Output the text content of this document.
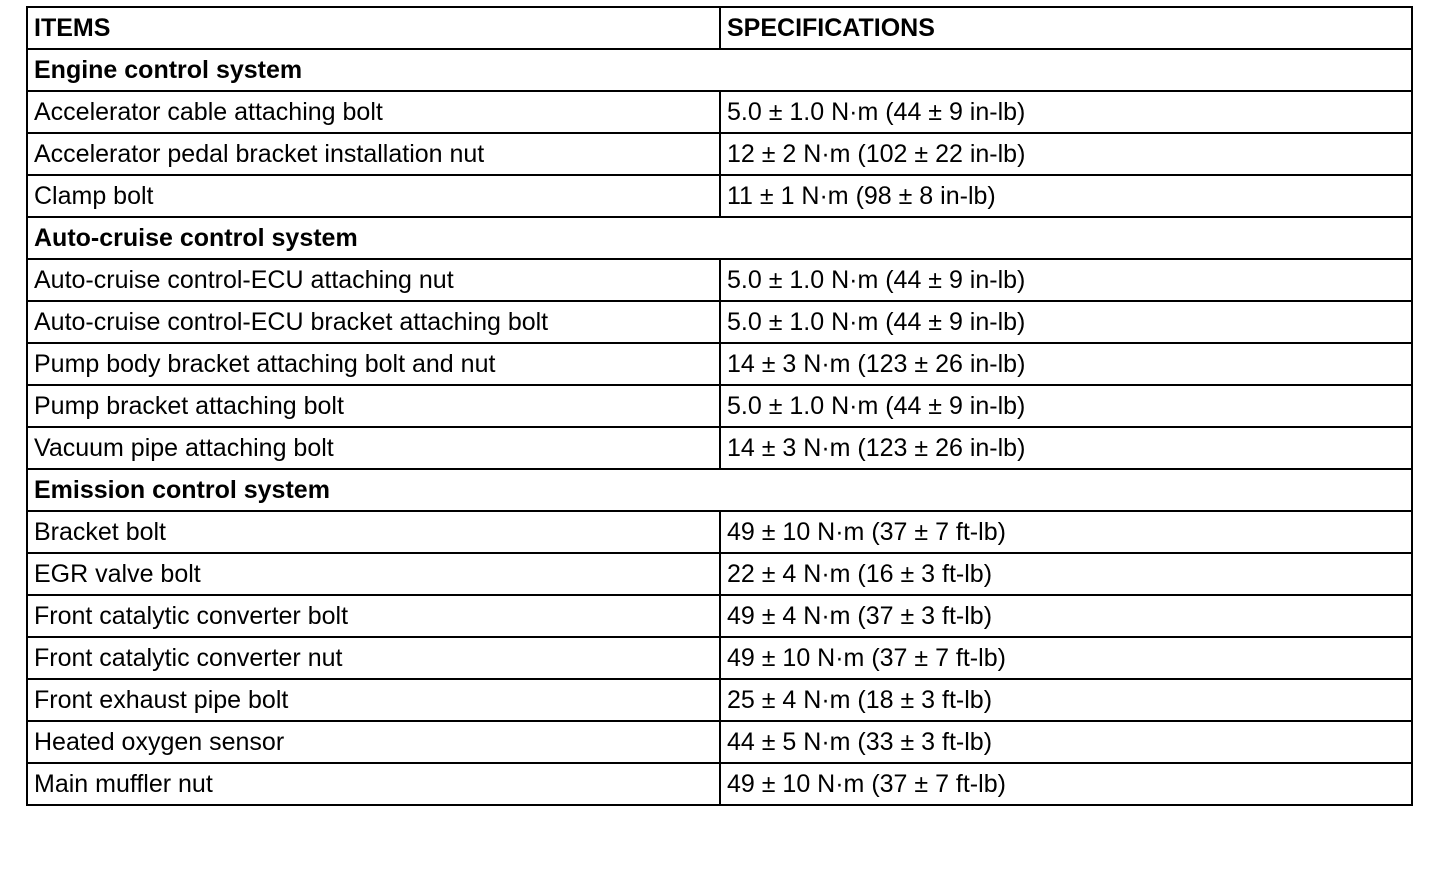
ITEMS	SPECIFICATIONS
Engine control system	
Accelerator cable attaching bolt	5.0 ± 1.0 N·m (44 ± 9 in-lb)
Accelerator pedal bracket installation nut	12 ± 2 N·m (102 ± 22 in-lb)
Clamp bolt	11 ± 1 N·m (98 ± 8 in-lb)
Auto-cruise control system	
Auto-cruise control-ECU attaching nut	5.0 ± 1.0 N·m (44 ± 9 in-lb)
Auto-cruise control-ECU bracket attaching bolt	5.0 ± 1.0 N·m (44 ± 9 in-lb)
Pump body bracket attaching bolt and nut	14 ± 3 N·m (123 ± 26 in-lb)
Pump bracket attaching bolt	5.0 ± 1.0 N·m (44 ± 9 in-lb)
Vacuum pipe attaching bolt	14 ± 3 N·m (123 ± 26 in-lb)
Emission control system	
Bracket bolt	49 ± 10 N·m (37 ± 7 ft-lb)
EGR valve bolt	22 ± 4 N·m (16 ± 3 ft-lb)
Front catalytic converter bolt	49 ± 4 N·m (37 ± 3 ft-lb)
Front catalytic converter nut	49 ± 10 N·m (37 ± 7 ft-lb)
Front exhaust pipe bolt	25 ± 4 N·m (18 ± 3 ft-lb)
Heated oxygen sensor	44 ± 5 N·m (33 ± 3 ft-lb)
Main muffler nut	49 ± 10 N·m (37 ± 7 ft-lb)
